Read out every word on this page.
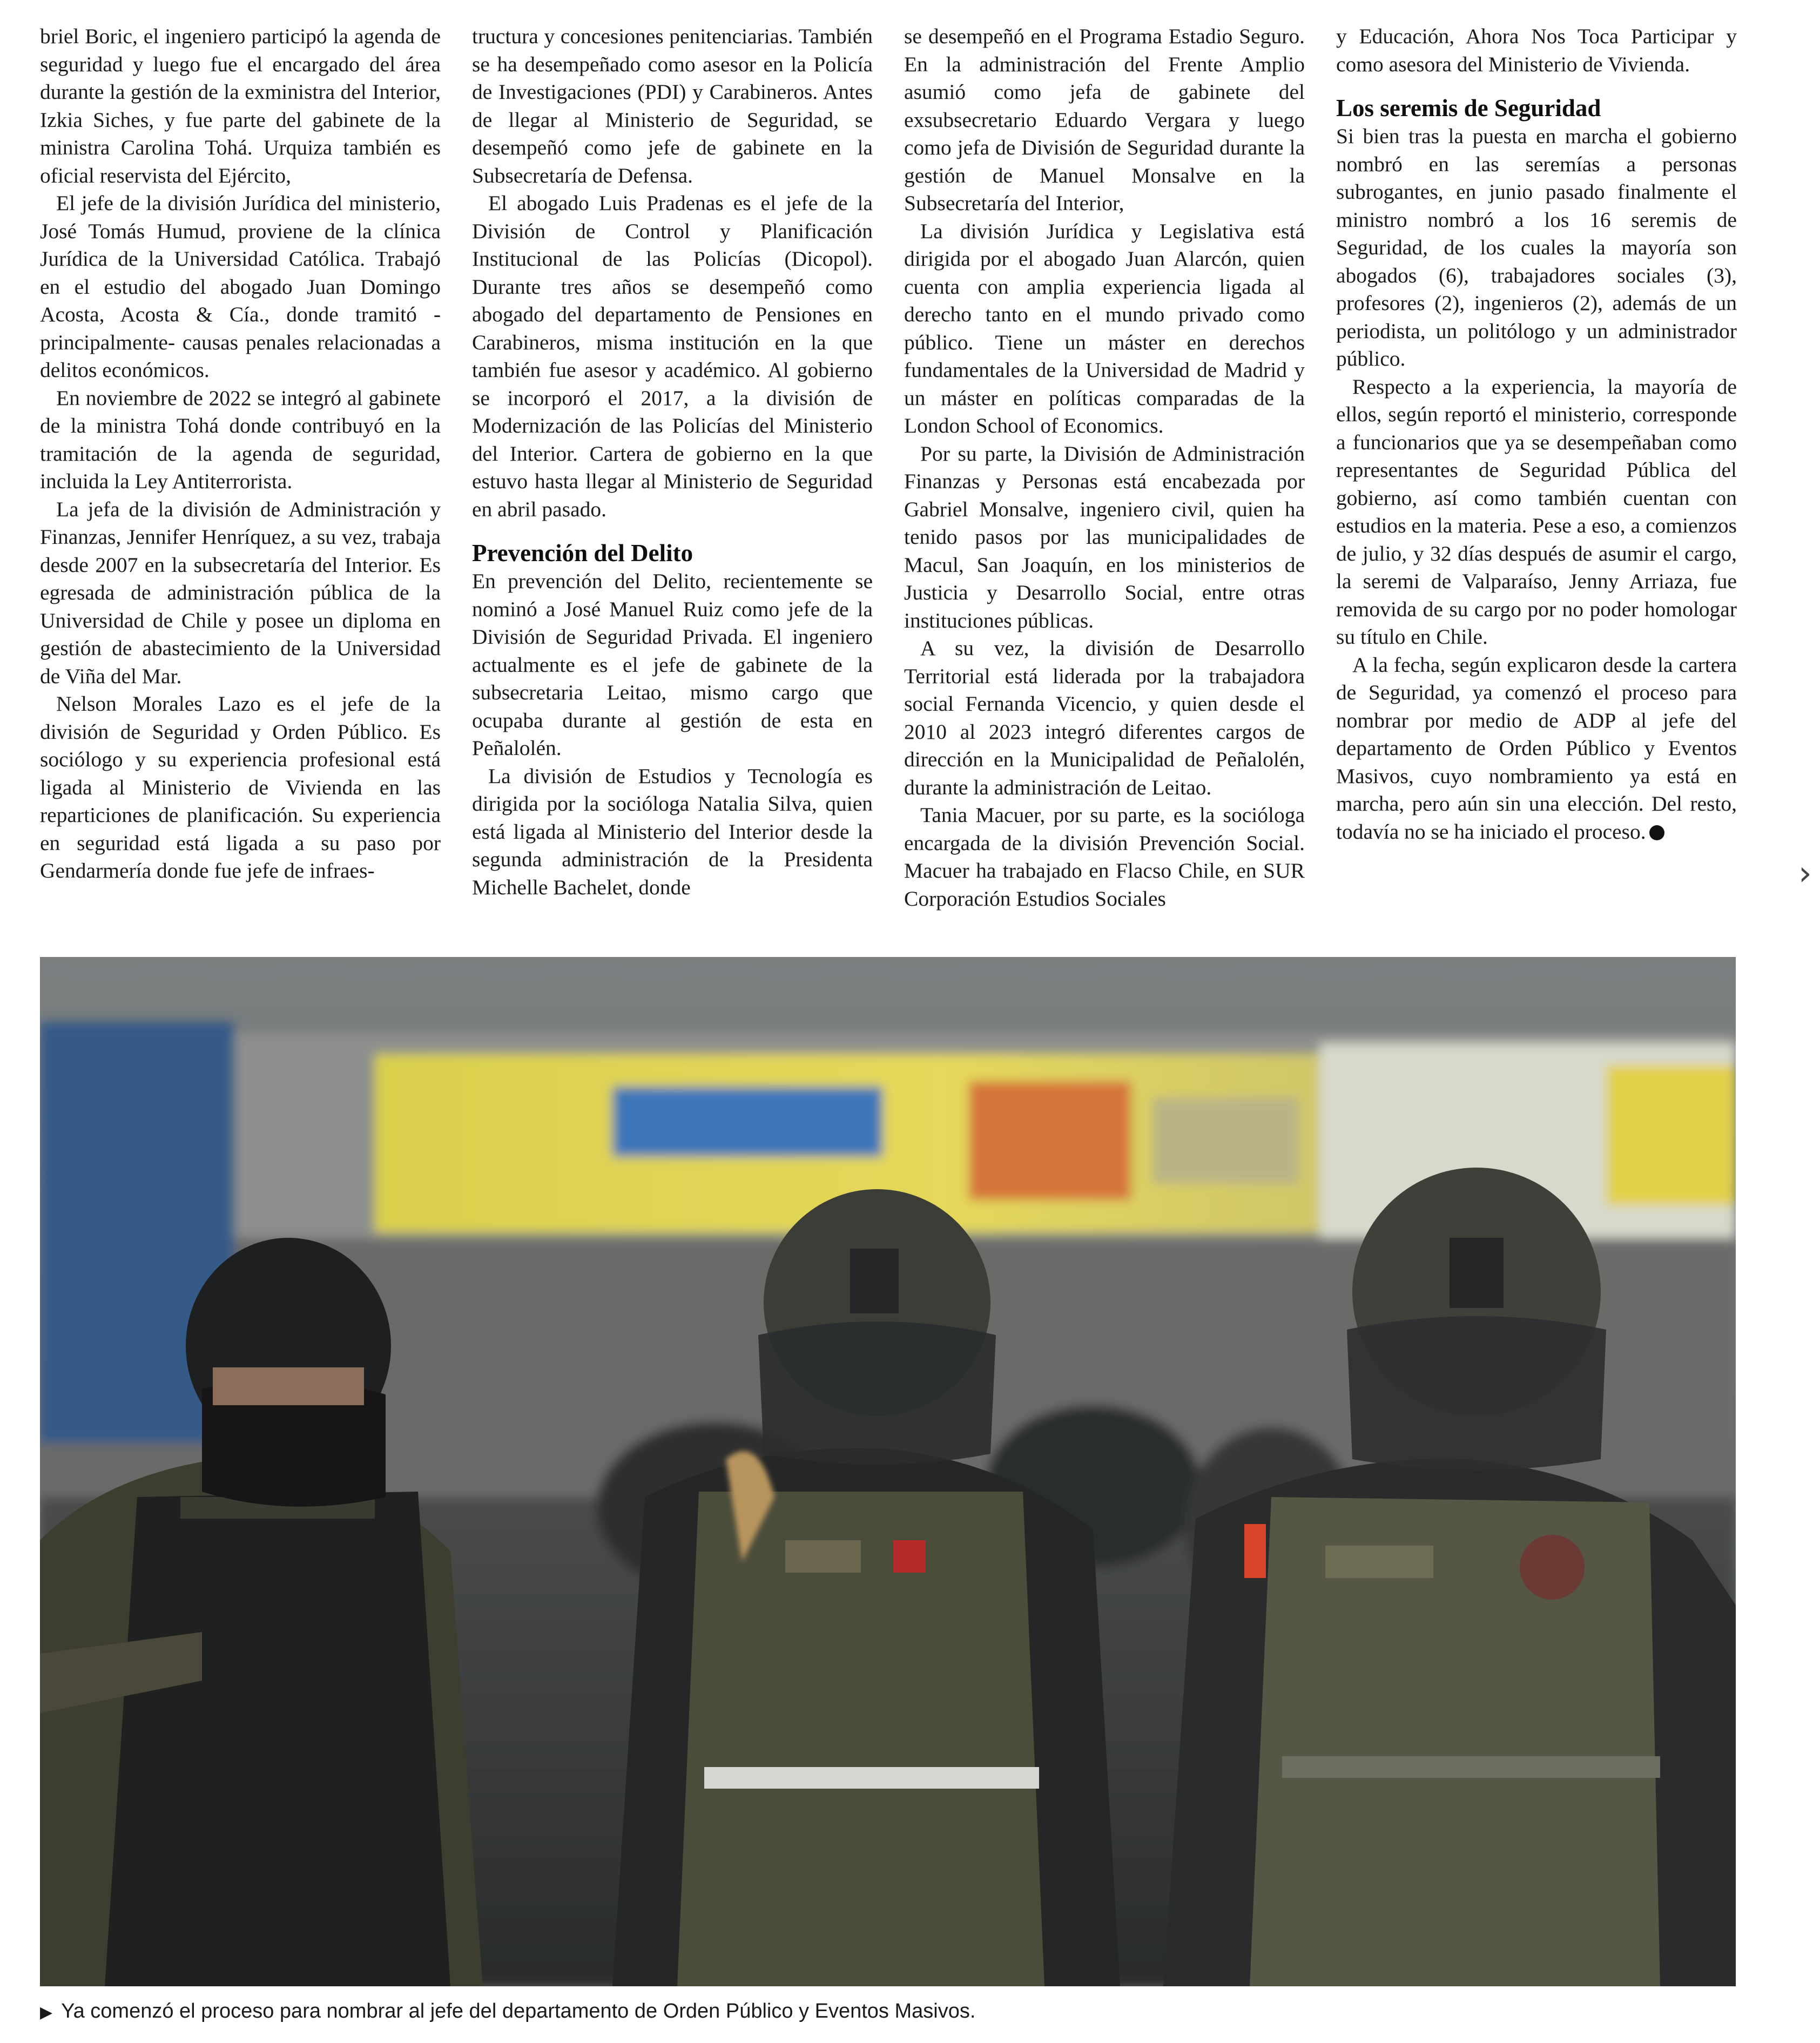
briel Boric, el ingeniero participó la agenda de seguridad y luego fue el encargado del área durante la gestión de la exministra del Interior, Izkia Siches, y fue parte del gabinete de la ministra Carolina Tohá. Urquiza también es oficial reservista del Ejército,

El jefe de la división Jurídica del ministerio, José Tomás Humud, proviene de la clínica Jurídica de la Universidad Católica. Trabajó en el estudio del abogado Juan Domingo Acosta, Acosta & Cía., donde tramitó -principalmente- causas penales relacionadas a delitos económicos.

En noviembre de 2022 se integró al gabinete de la ministra Tohá donde contribuyó en la tramitación de la agenda de seguridad, incluida la Ley Antiterrorista.

La jefa de la división de Administración y Finanzas, Jennifer Henríquez, a su vez, trabaja desde 2007 en la subsecretaría del Interior. Es egresada de administración pública de la Universidad de Chile y posee un diploma en gestión de abastecimiento de la Universidad de Viña del Mar.

Nelson Morales Lazo es el jefe de la división de Seguridad y Orden Público. Es sociólogo y su experiencia profesional está ligada al Ministerio de Vivienda en las reparticiones de planificación. Su experiencia en seguridad está ligada a su paso por Gendarmería donde fue jefe de infraes-

tructura y concesiones penitenciarias. También se ha desempeñado como asesor en la Policía de Investigaciones (PDI) y Carabineros. Antes de llegar al Ministerio de Seguridad, se desempeñó como jefe de gabinete en la Subsecretaría de Defensa.

El abogado Luis Pradenas es el jefe de la División de Control y Planificación Institucional de las Policías (Dicopol). Durante tres años se desempeñó como abogado del departamento de Pensiones en Carabineros, misma institución en la que también fue asesor y académico. Al gobierno se incorporó el 2017, a la división de Modernización de las Policías del Ministerio del Interior. Cartera de gobierno en la que estuvo hasta llegar al Ministerio de Seguridad en abril pasado.

Prevención del Delito

En prevención del Delito, recientemente se nominó a José Manuel Ruiz como jefe de la División de Seguridad Privada. El ingeniero actualmente es el jefe de gabinete de la subsecretaria Leitao, mismo cargo que ocupaba durante al gestión de esta en Peñalolén.

La división de Estudios y Tecnología es dirigida por la socióloga Natalia Silva, quien está ligada al Ministerio del Interior desde la segunda administración de la Presidenta Michelle Bachelet, donde

se desempeñó en el Programa Estadio Seguro. En la administración del Frente Amplio asumió como jefa de gabinete del exsubsecretario Eduardo Vergara y luego como jefa de División de Seguridad durante la gestión de Manuel Monsalve en la Subsecretaría del Interior,

La división Jurídica y Legislativa está dirigida por el abogado Juan Alarcón, quien cuenta con amplia experiencia ligada al derecho tanto en el mundo privado como público. Tiene un máster en derechos fundamentales de la Universidad de Madrid y un máster en políticas comparadas de la London School of Economics.

Por su parte, la División de Administración Finanzas y Personas está encabezada por Gabriel Monsalve, ingeniero civil, quien ha tenido pasos por las municipalidades de Macul, San Joaquín, en los ministerios de Justicia y Desarrollo Social, entre otras instituciones públicas.

A su vez, la división de Desarrollo Territorial está liderada por la trabajadora social Fernanda Vicencio, y quien desde el 2010 al 2023 integró diferentes cargos de dirección en la Municipalidad de Peñalolén, durante la administración de Leitao.

Tania Macuer, por su parte, es la socióloga encargada de la división Prevención Social. Macuer ha trabajado en Flacso Chile, en SUR Corporación Estudios Sociales

y Educación, Ahora Nos Toca Participar y como asesora del Ministerio de Vivienda.

Los seremis de Seguridad

Si bien tras la puesta en marcha el gobierno nombró en las seremías a personas subrogantes, en junio pasado finalmente el ministro nombró a los 16 seremis de Seguridad, de los cuales la mayoría son abogados (6), trabajadores sociales (3), profesores (2), ingenieros (2), además de un periodista, un politólogo y un administrador público.

Respecto a la experiencia, la mayoría de ellos, según reportó el ministerio, corresponde a funcionarios que ya se desempeñaban como representantes de Seguridad Pública del gobierno, así como también cuentan con estudios en la materia. Pese a eso, a comienzos de julio, y 32 días después de asumir el cargo, la seremi de Valparaíso, Jenny Arriaza, fue removida de su cargo por no poder homologar su título en Chile.

A la fecha, según explicaron desde la cartera de Seguridad, ya comenzó el proceso para nombrar por medio de ADP al jefe del departamento de Orden Público y Eventos Masivos, cuyo nombramiento ya está en marcha, pero aún sin una elección. Del resto, todavía no se ha iniciado el proceso.

›
▶ Ya comenzó el proceso para nombrar al jefe del departamento de Orden Público y Eventos Masivos.
